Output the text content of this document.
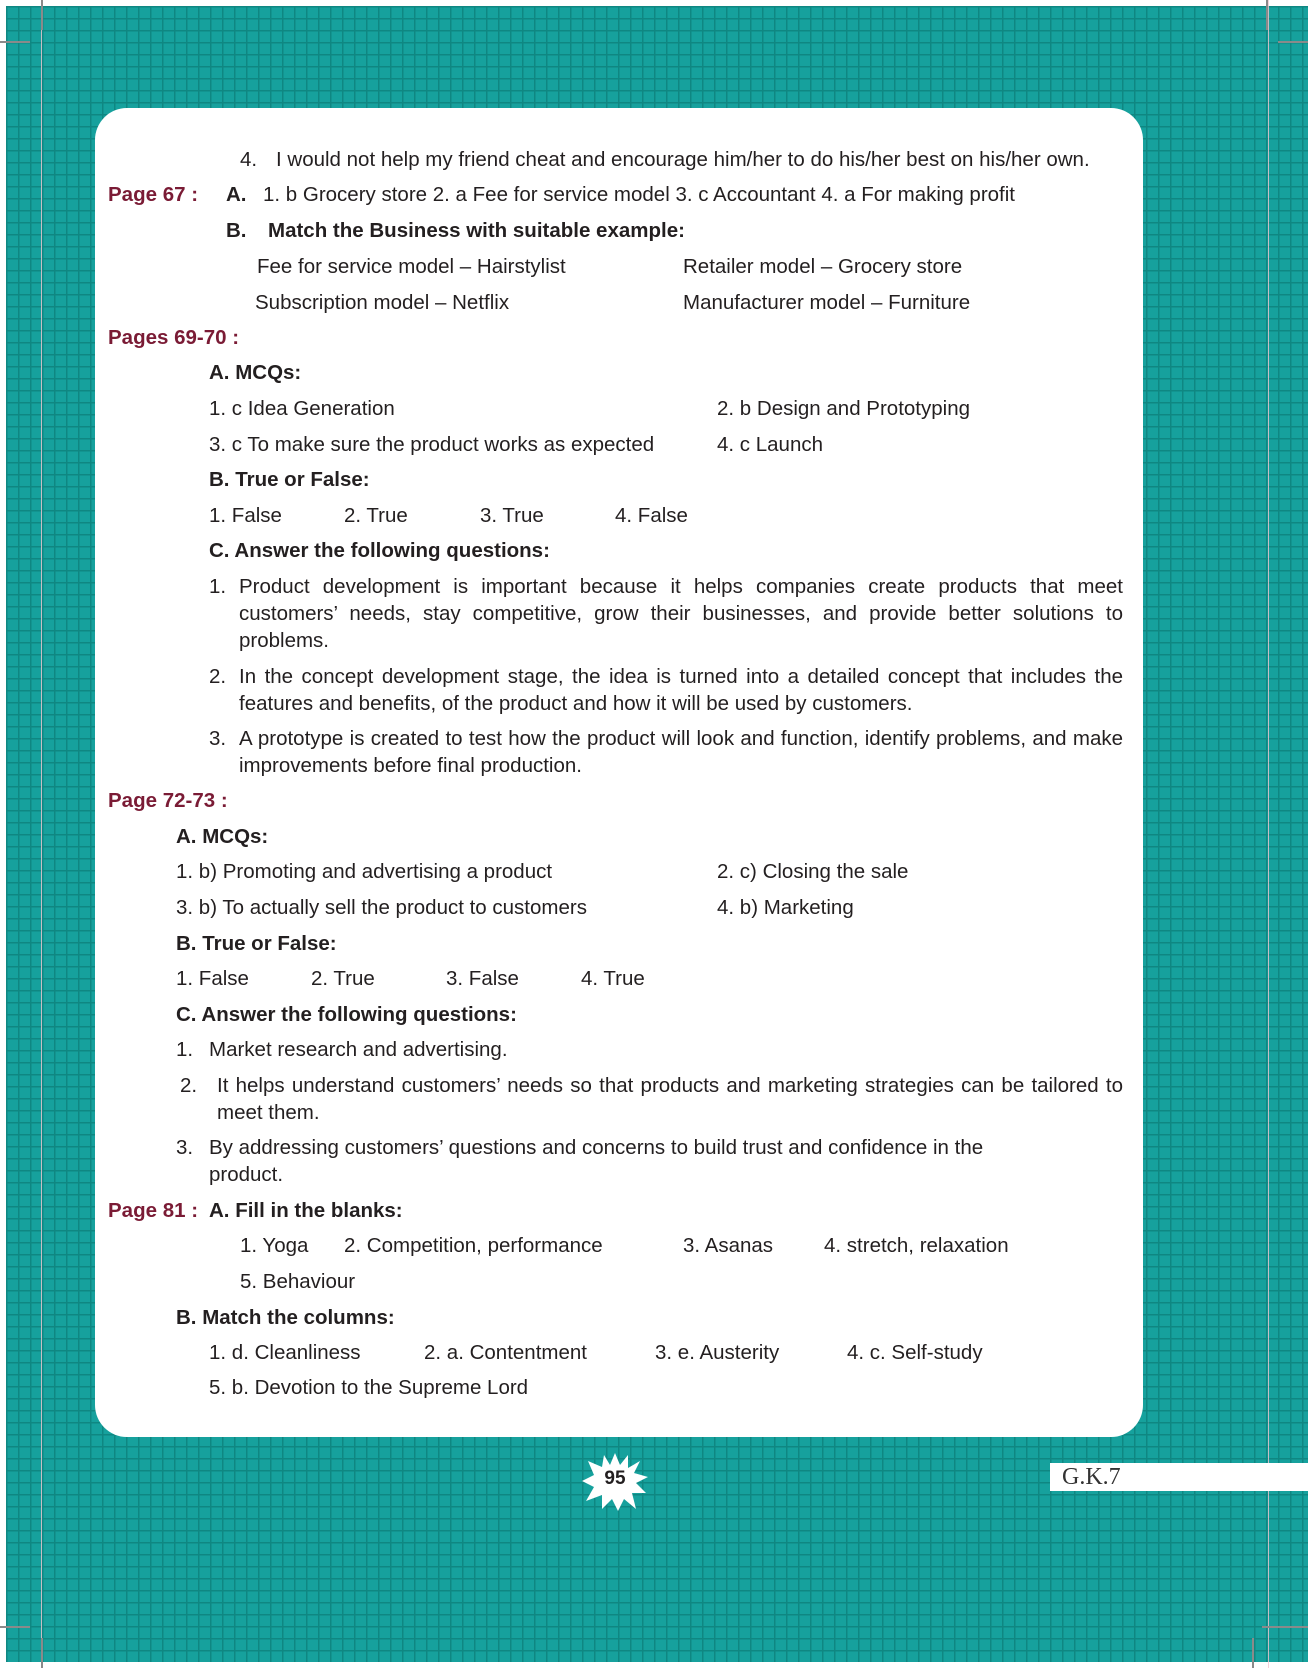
4. I would not help my friend cheat and encourage him/her to do his/her best on his/her own.
Page 67 : A. 1. b Grocery store 2. a Fee for service model 3. c Accountant 4. a For making profit
B. Match the Business with suitable example:
Fee for service model – Hairstylist	Retailer model – Grocery store
Subscription model – Netflix	Manufacturer model – Furniture
Pages 69-70 :
A. MCQs:
1. c Idea Generation	2. b Design and Prototyping
3. c To make sure the product works as expected	4. c Launch
B. True or False:
1. False	2. True	3. True	4. False
C. Answer the following questions:
1. Product development is important because it helps companies create products that meet customers’ needs, stay competitive, grow their businesses, and provide better solutions to problems.
2. In the concept development stage, the idea is turned into a detailed concept that includes the features and benefits, of the product and how it will be used by customers.
3. A prototype is created to test how the product will look and function, identify problems, and make improvements before final production.
Page 72-73 :
A. MCQs:
1. b) Promoting and advertising a product	2. c) Closing the sale
3. b) To actually sell the product to customers	4. b) Marketing
B. True or False:
1. False	2. True	3. False	4. True
C. Answer the following questions:
1. Market research and advertising.
2. It helps understand customers’ needs so that products and marketing strategies can be tailored to meet them.
3. By addressing customers’ questions and concerns to build trust and confidence in the product.
Page 81 : A. Fill in the blanks:
1. Yoga 2. Competition, performance	3. Asanas 4. stretch, relaxation
5. Behaviour
B. Match the columns:
1. d. Cleanliness	2. a. Contentment	3. e. Austerity	4. c. Self-study
5. b. Devotion to the Supreme Lord
95	G.K.7
